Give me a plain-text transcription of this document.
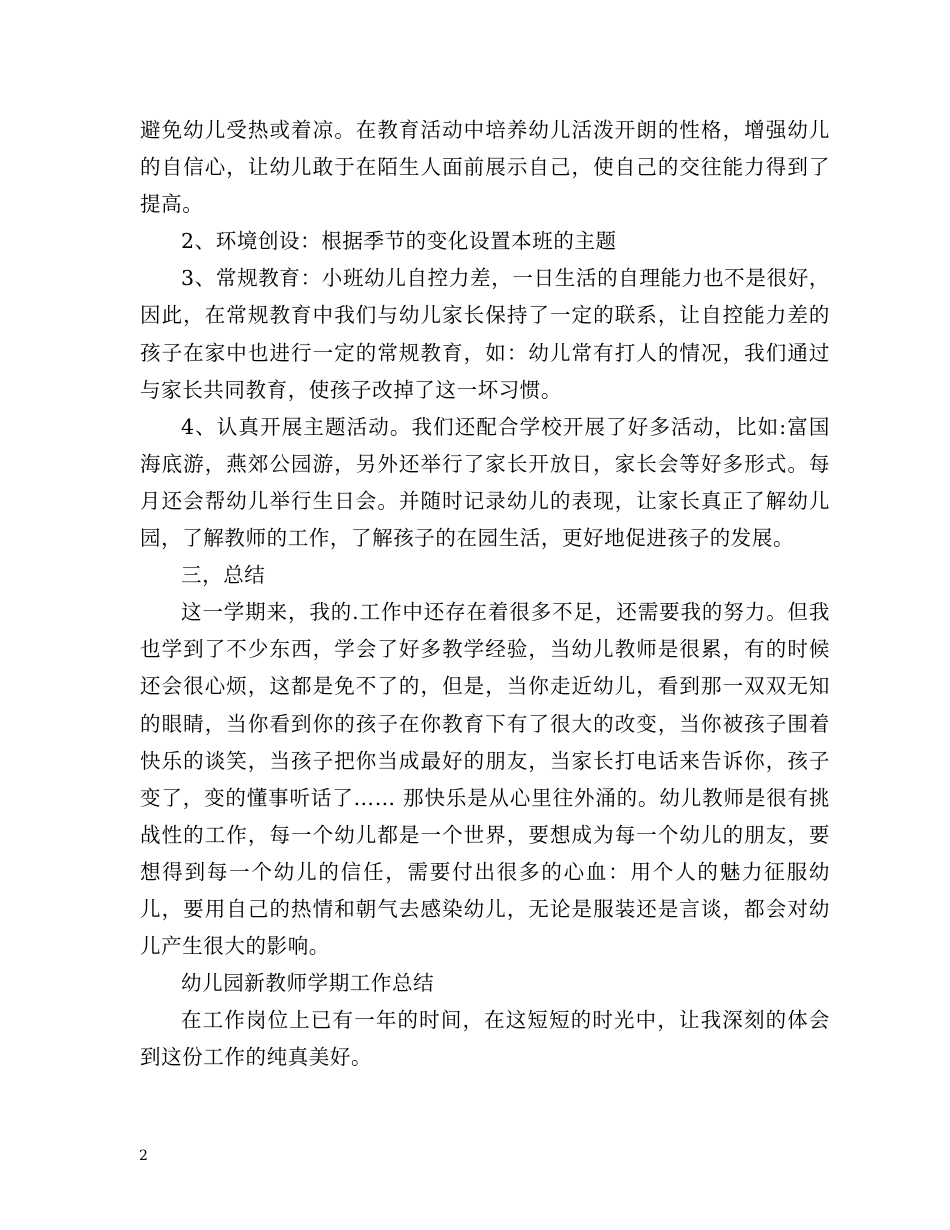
避免幼儿受热或着凉。在教育活动中培养幼儿活泼开朗的性格，增强幼儿的自信心，让幼儿敢于在陌生人面前展示自己，使自己的交往能力得到了提高。

2、环境创设：根据季节的变化设置本班的主题

3、常规教育：小班幼儿自控力差，一日生活的自理能力也不是很好，因此，在常规教育中我们与幼儿家长保持了一定的联系，让自控能力差的孩子在家中也进行一定的常规教育，如：幼儿常有打人的情况，我们通过与家长共同教育，使孩子改掉了这一坏习惯。

4、认真开展主题活动。我们还配合学校开展了好多活动，比如:富国海底游，燕郊公园游，另外还举行了家长开放日，家长会等好多形式。每月还会帮幼儿举行生日会。并随时记录幼儿的表现，让家长真正了解幼儿园，了解教师的工作，了解孩子的在园生活，更好地促进孩子的发展。

三，总结

这一学期来，我的.工作中还存在着很多不足，还需要我的努力。但我也学到了不少东西，学会了好多教学经验，当幼儿教师是很累，有的时候还会很心烦，这都是免不了的，但是，当你走近幼儿，看到那一双双无知的眼睛，当你看到你的孩子在你教育下有了很大的改变，当你被孩子围着快乐的谈笑，当孩子把你当成最好的朋友，当家长打电话来告诉你，孩子变了，变的懂事听话了…… 那快乐是从心里往外涌的。幼儿教师是很有挑战性的工作，每一个幼儿都是一个世界，要想成为每一个幼儿的朋友，要想得到每一个幼儿的信任，需要付出很多的心血：用个人的魅力征服幼儿，要用自己的热情和朝气去感染幼儿，无论是服装还是言谈，都会对幼儿产生很大的影响。

幼儿园新教师学期工作总结

在工作岗位上已有一年的时间，在这短短的时光中，让我深刻的体会到这份工作的纯真美好。

2
